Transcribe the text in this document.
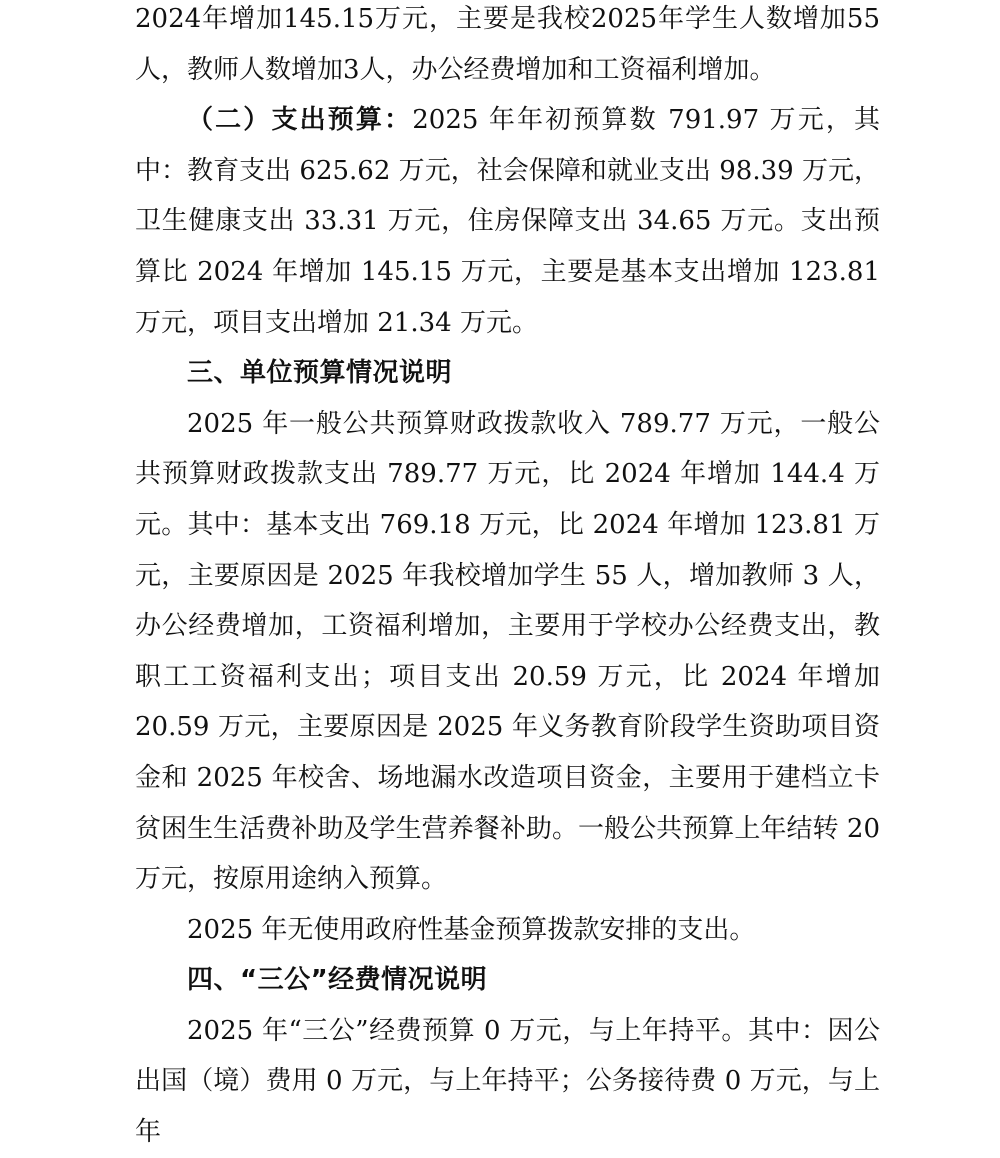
2024年增加145.15万元，主要是我校2025年学生人数增加55人，教师人数增加3人，办公经费增加和工资福利增加。

（二）支出预算：2025 年年初预算数 791.97 万元，其中：教育支出 625.62 万元，社会保障和就业支出 98.39 万元，卫生健康支出 33.31 万元，住房保障支出 34.65 万元。支出预算比 2024 年增加 145.15 万元，主要是基本支出增加 123.81 万元，项目支出增加 21.34 万元。

三、单位预算情况说明

2025 年一般公共预算财政拨款收入 789.77 万元，一般公共预算财政拨款支出 789.77 万元，比 2024 年增加 144.4 万元。其中：基本支出 769.18 万元，比 2024 年增加 123.81 万元，主要原因是 2025 年我校增加学生 55 人，增加教师 3 人，办公经费增加，工资福利增加，主要用于学校办公经费支出，教职工工资福利支出；项目支出 20.59 万元，比 2024 年增加 20.59 万元，主要原因是 2025 年义务教育阶段学生资助项目资金和 2025 年校舍、场地漏水改造项目资金，主要用于建档立卡贫困生生活费补助及学生营养餐补助。一般公共预算上年结转 20 万元，按原用途纳入预算。

2025 年无使用政府性基金预算拨款安排的支出。

四、“三公”经费情况说明

2025 年“三公”经费预算 0 万元，与上年持平。其中：因公出国（境）费用 0 万元，与上年持平；公务接待费 0 万元，与上年
